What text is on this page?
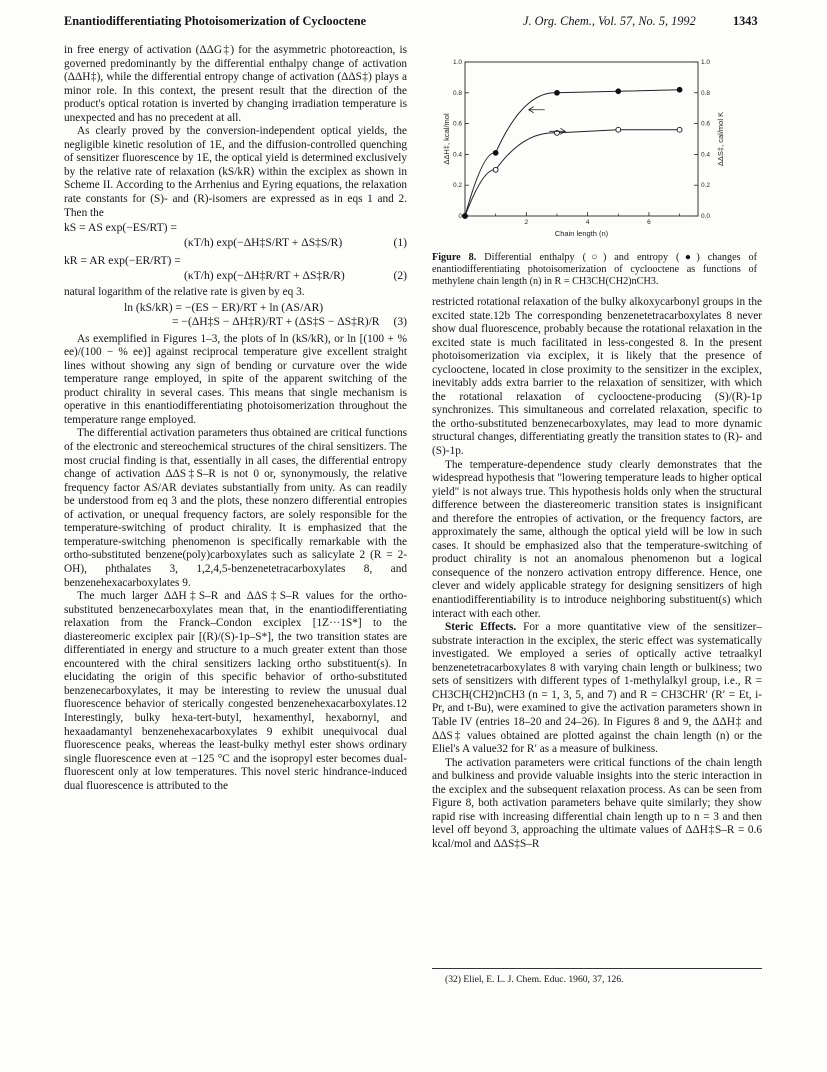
Enantiodifferentiating Photoisomerization of Cyclooctene	J. Org. Chem., Vol. 57, No. 5, 1992	1343

in free energy of activation (ΔΔG‡) for the asymmetric photoreaction, is governed predominantly by the differential enthalpy change of activation (ΔΔH‡), while the differential entropy change of activation (ΔΔS‡) plays a minor role. In this context, the present result that the direction of the product's optical rotation is inverted by changing irradiation temperature is unexpected and has no precedent at all.

As clearly proved by the conversion-independent optical yields, the negligible kinetic resolution of 1E, and the diffusion-controlled quenching of sensitizer fluorescence by 1E, the optical yield is determined exclusively by the relative rate of relaxation (kS/kR) within the exciplex as shown in Scheme II. According to the Arrhenius and Eyring equations, the relaxation rate constants for (S)- and (R)-isomers are expressed as in eqs 1 and 2. Then the

kS = AS exp(−ES/RT) =
(κT/h) exp(−ΔH‡S/RT + ΔS‡S/R)	(1)
kR = AR exp(−ER/RT) =
(κT/h) exp(−ΔH‡R/RT + ΔS‡R/R)	(2)

natural logarithm of the relative rate is given by eq 3.

ln (kS/kR) = −(ES − ER)/RT + ln (AS/AR)
= −(ΔH‡S − ΔH‡R)/RT + (ΔS‡S − ΔS‡R)/R (3)

As exemplified in Figures 1–3, the plots of ln (kS/kR), or ln [(100 + % ee)/(100 − % ee)] against reciprocal temperature give excellent straight lines without showing any sign of bending or curvature over the wide temperature range employed, in spite of the apparent switching of the product chirality in several cases. This means that single mechanism is operative in this enantiodifferentiating photoisomerization throughout the temperature range employed.

The differential activation parameters thus obtained are critical functions of the electronic and stereochemical structures of the chiral sensitizers. The most crucial finding is that, essentially in all cases, the differential entropy change of activation ΔΔS‡S–R is not 0 or, synonymously, the relative frequency factor AS/AR deviates substantially from unity. As can readily be understood from eq 3 and the plots, these nonzero differential entropies of activation, or unequal frequency factors, are solely responsible for the temperature-switching of product chirality. It is emphasized that the temperature-switching phenomenon is specifically remarkable with the ortho-substituted benzene(poly)carboxylates such as salicylate 2 (R = 2-OH), phthalates 3, 1,2,4,5-benzenetetracarboxylates 8, and benzenehexacarboxylates 9.

The much larger ΔΔH‡S–R and ΔΔS‡S–R values for the ortho-substituted benzenecarboxylates mean that, in the enantiodifferentiating relaxation from the Franck–Condon exciplex [1Z···1S*] to the diastereomeric exciplex pair [(R)/(S)-1p–S*], the two transition states are differentiated in energy and structure to a much greater extent than those encountered with the chiral sensitizers lacking ortho substituent(s). In elucidating the origin of this specific behavior of ortho-substituted benzenecarboxylates, it may be interesting to review the unusual dual fluorescence behavior of sterically congested benzenehexacarboxylates.12 Interestingly, bulky hexa-tert-butyl, hexamenthyl, hexabornyl, and hexaadamantyl benzenehexacarboxylates 9 exhibit unequivocal dual fluorescence peaks, whereas the least-bulky methyl ester shows ordinary single fluorescence even at −125 °C and the isopropyl ester becomes dual-fluorescent only at low temperatures. This novel steric hindrance-induced dual fluorescence is attributed to the

0	0.0
0.2	0.2
0.4	0.4
0.6	0.6
0.8	0.8
1.0	1.0
2	4	6
Chain length (n)
ΔΔH‡, kcal/mol	ΔΔS‡, cal/mol K
Figure 8. Differential enthalpy (○) and entropy (●) changes of enantiodifferentiating photoisomerization of cyclooctene as functions of methylene chain length (n) in R = CH3CH(CH2)nCH3.

restricted rotational relaxation of the bulky alkoxycarbonyl groups in the excited state.12b The corresponding benzenetetracarboxylates 8 never show dual fluorescence, probably because the rotational relaxation in the excited state is much facilitated in less-congested 8. In the present photoisomerization via exciplex, it is likely that the presence of cyclooctene, located in close proximity to the sensitizer in the exciplex, inevitably adds extra barrier to the relaxation of sensitizer, with which the rotational relaxation of cyclooctene-producing (S)/(R)-1p synchronizes. This simultaneous and correlated relaxation, specific to the ortho-substituted benzenecarboxylates, may lead to more dynamic structural changes, differentiating greatly the transition states to (R)- and (S)-1p.

The temperature-dependence study clearly demonstrates that the widespread hypothesis that "lowering temperature leads to higher optical yield" is not always true. This hypothesis holds only when the structural difference between the diastereomeric transition states is insignificant and therefore the entropies of activation, or the frequency factors, are approximately the same, although the optical yield will be low in such cases. It should be emphasized also that the temperature-switching of product chirality is not an anomalous phenomenon but a logical consequence of the nonzero activation entropy difference. Hence, one clever and widely applicable strategy for designing sensitizers of high enantiodifferentiability is to introduce neighboring substituent(s) which interact with each other.

Steric Effects. For a more quantitative view of the sensitizer–substrate interaction in the exciplex, the steric effect was systematically investigated. We employed a series of optically active tetraalkyl benzenetetracarboxylates 8 with varying chain length or bulkiness; two sets of sensitizers with different types of 1-methylalkyl group, i.e., R = CH3CH(CH2)nCH3 (n = 1, 3, 5, and 7) and R = CH3CHR′ (R′ = Et, i-Pr, and t-Bu), were examined to give the activation parameters shown in Table IV (entries 18–20 and 24–26). In Figures 8 and 9, the ΔΔH‡ and ΔΔS‡ values obtained are plotted against the chain length (n) or the Eliel's A value32 for R′ as a measure of bulkiness.

The activation parameters were critical functions of the chain length and bulkiness and provide valuable insights into the steric interaction in the exciplex and the subsequent relaxation process. As can be seen from Figure 8, both activation parameters behave quite similarly; they show rapid rise with increasing differential chain length up to n = 3 and then level off beyond 3, approaching the ultimate values of ΔΔH‡S–R = 0.6 kcal/mol and ΔΔS‡S–R

(32) Eliel, E. L. J. Chem. Educ. 1960, 37, 126.
